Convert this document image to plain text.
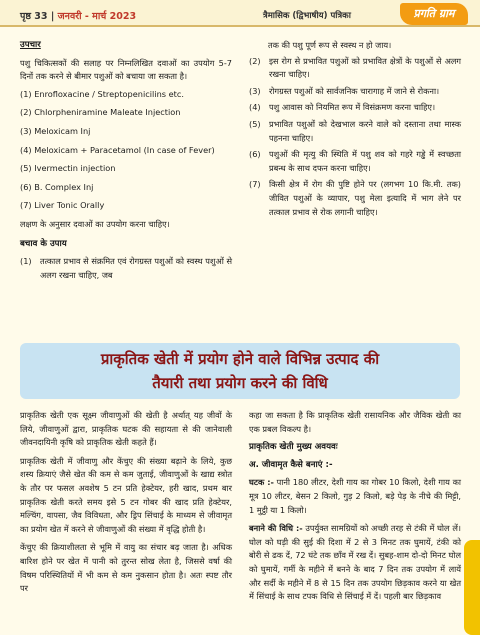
पृष्ठ 33 | जनवरी - मार्च 2023	त्रैमासिक (द्विभाषीय) पत्रिका	प्रगति ग्राम

उपचार

पशु चिकित्सकों की सलाह पर निम्नलिखित दवाओं का उपयोग 5-7 दिनों तक करने से बीमार पशुओं को बचाया जा सकता है।

(1) Enrofloxacine / Streptopenicilins etc.
(2) Chlorpheniramine Maleate Injection
(3) Meloxicam Inj
(4) Meloxicam + Paracetamol (In case of Fever)
(5) Ivermectin injection
(6) B. Complex Inj
(7) Liver Tonic Orally

लक्षण के अनुसार दवाओं का उपयोग करना चाहिए।

बचाव के उपाय

(1)	तत्काल प्रभाव से संक्रमित एवं रोगग्रस्त पशुओं को स्वस्थ पशुओं से अलग रखना चाहिए, जब

तक की पशु पूर्ण रूप से स्वस्थ न हो जाय।

(2)	इस रोग से प्रभावित पशुओं को प्रभावित क्षेत्रों के पशुओं से अलग रखना चाहिए।
(3)	रोगग्रस्त पशुओं को सार्वजनिक चारागाह में जाने से रोकना।
(4)	पशु आवास को नियमित रूप में विसंक्रमण करना चाहिए।
(5)	प्रभावित पशुओं को देखभाल करने वाले को दस्ताना तथा मास्क पहनना चाहिए।
(6)	पशुओं की मृत्यु की स्थिति में पशु शव को गहरे गड्ढे में स्वच्छता प्रबन्ध के साथ दफन करना चाहिए।
(7)	किसी क्षेत्र में रोग की पुष्टि होने पर (लगभग 10 कि.मी. तक) जीवित पशुओं के व्यापार, पशु मेला इत्यादि में भाग लेने पर तत्काल प्रभाव से रोक लगानी चाहिए।
प्राकृतिक खेती में प्रयोग होने वाले विभिन्न उत्पाद की
तैयारी तथा प्रयोग करने की विधि

प्राकृतिक खेती एक सूक्ष्म जीवाणुओं की खेती है अर्थात् यह जीवों के लिये, जीवाणुओं द्वारा, प्राकृतिक घटक की सहायता से की जानेवाली जीवनदायिनी कृषि को प्राकृतिक खेती कहते हैं।

प्राकृतिक खेती में जीवाणु और केंचुए की संख्या बढ़ाने के लिये, कुछ शस्य क्रियाएं जैसे खेत की कम से कम जुताई, जीवाणुओं के खाद्य स्त्रोत के तौर पर फसल अवशेष 5 टन प्रति हेक्टेयर, हरी खाद, प्रथम बार प्राकृतिक खेती करते समय इसे 5 टन गोबर की खाद प्रति हेक्टेयर, मल्चिंग, वापसा, जैव विविधता, और ड्रिप सिंचाई के माध्यम से जीवामृत का प्रयोग खेत में करने से जीवाणुओं की संख्या में वृद्धि होती है।

केंचुए की क्रियाशीलता से भूमि में वायु का संचार बढ़ जाता है। अधिक बारिश होने पर खेत में पानी को तुरन्त सोख लेता है, जिससे वर्षा की विषम परिस्थितियों में भी कम से कम नुकसान होता है। अतः स्पष्ट तौर पर

कहा जा सकता है कि प्राकृतिक खेती रासायनिक और जैविक खेती का एक प्रबल विकल्प है।

प्राकृतिक खेती मुख्य अवयवः

अ. जीवामृत कैसे बनाएं :-

घटक :- पानी 180 लीटर, देशी गाय का गोबर 10 किलो, देशी गाय का मूत्र 10 लीटर, बेसन 2 किलो, गुड़ 2 किलो, बड़े पेड़ के नीचे की मिट्टी, 1 मुट्ठी या 1 किलो।

बनाने की विधि :- उपर्युक्त सामग्रियों को अच्छी तरह से टंकी में घोल लें। घोल को घड़ी की सुई की दिशा में 2 से 3 मिनट तक घुमायें, टंकी को बोरी से ढक दें, 72 घंटे तक छाँव में रख दें। सुबह-शाम दो-दो मिनट घोल को घुमायें, गर्मी के महीने में बनने के बाद 7 दिन तक उपयोग में लायें और सर्दी के महीने में 8 से 15 दिन तक उपयोग छिड़काव करने या खेत में सिंचाई के साथ टपक विधि से सिंचाई में दें। पहली बार छिड़काव
